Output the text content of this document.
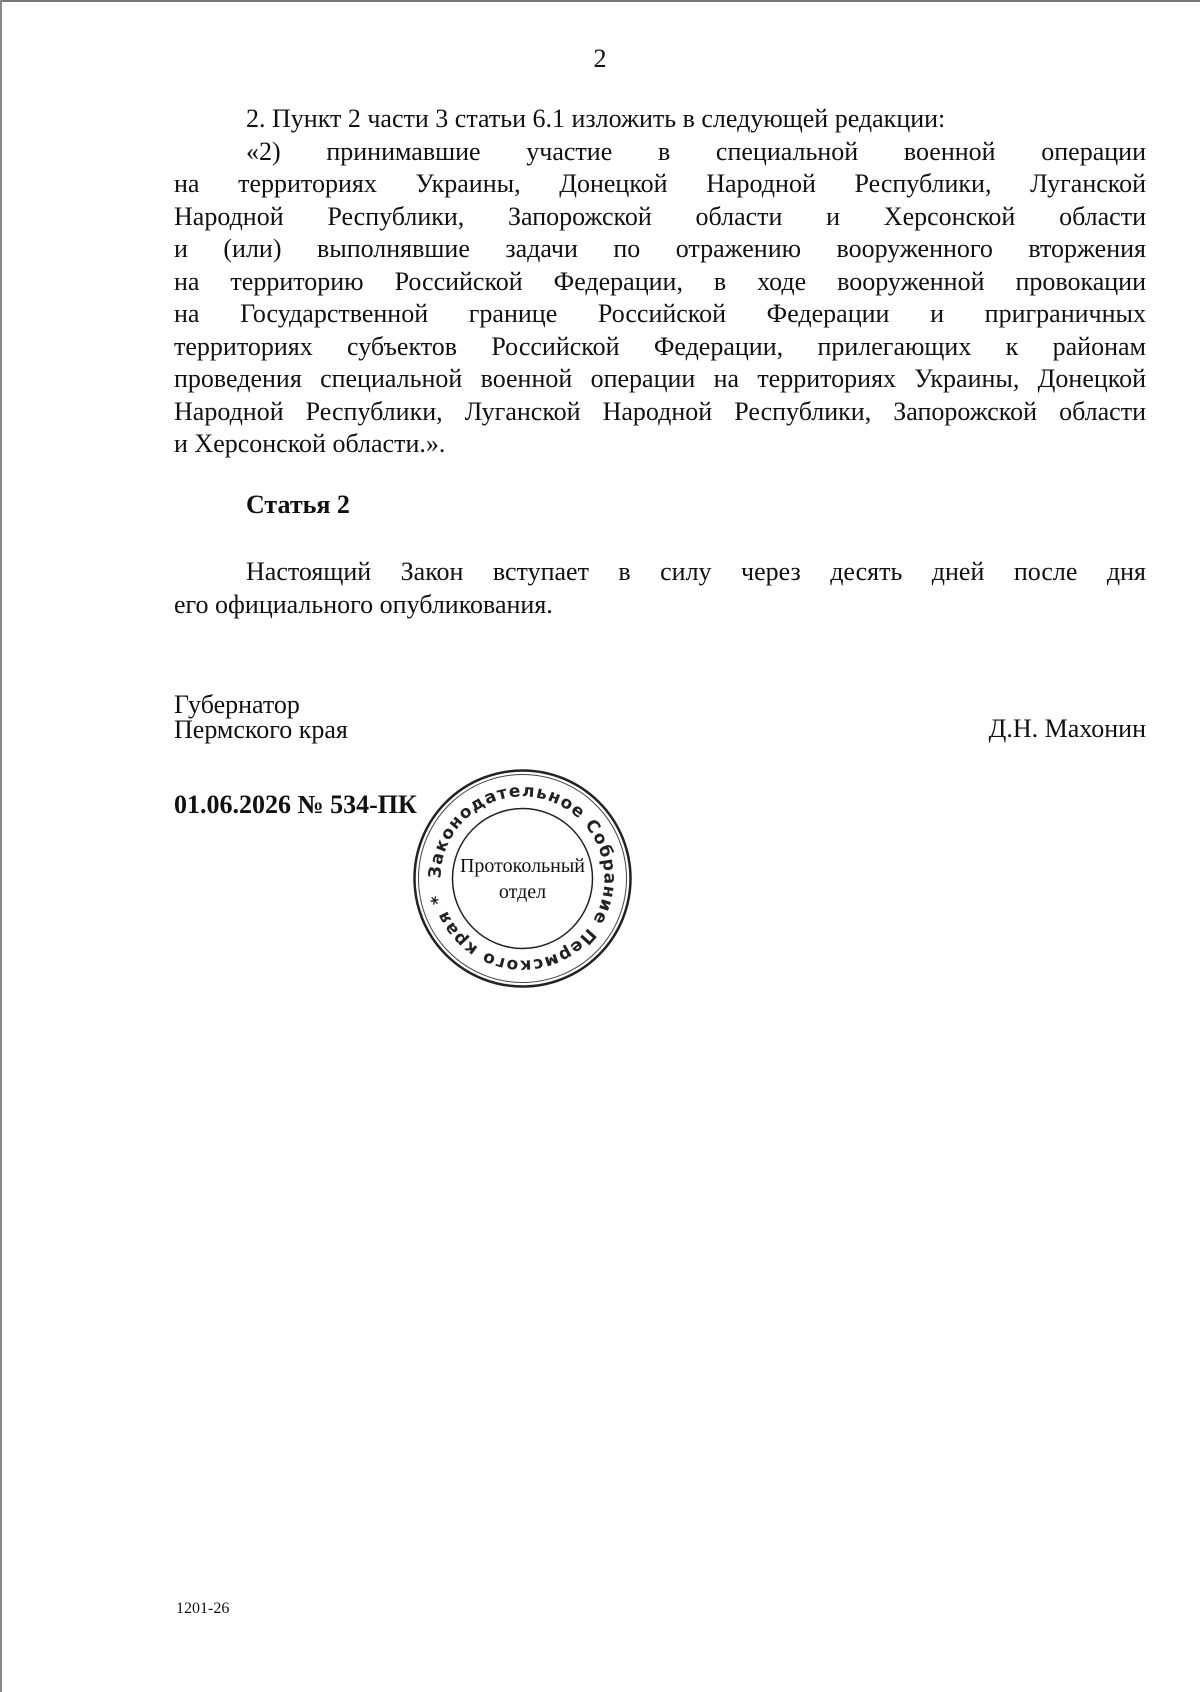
2

2. Пункт 2 части 3 статьи 6.1 изложить в следующей редакции:

«2) принимавшие участие в специальной военной операции
на территориях Украины, Донецкой Народной Республики, Луганской
Народной Республики, Запорожской области и Херсонской области
и (или) выполнявшие задачи по отражению вооруженного вторжения
на территорию Российской Федерации, в ходе вооруженной провокации
на Государственной границе Российской Федерации и приграничных
территориях субъектов Российской Федерации, прилегающих к районам
проведения специальной военной операции на территориях Украины, Донецкой
Народной Республики, Луганской Народной Республики, Запорожской области
и Херсонской области.».
Статья 2
Настоящий Закон вступает в силу через десять дней после дня
его официального опубликования.
Губернатор
Пермского края	Д.Н. Махонин
01.06.2026 № 534-ПК
Законодательное Собрание Пермского края *
Протокольный
отдел
1201-26
